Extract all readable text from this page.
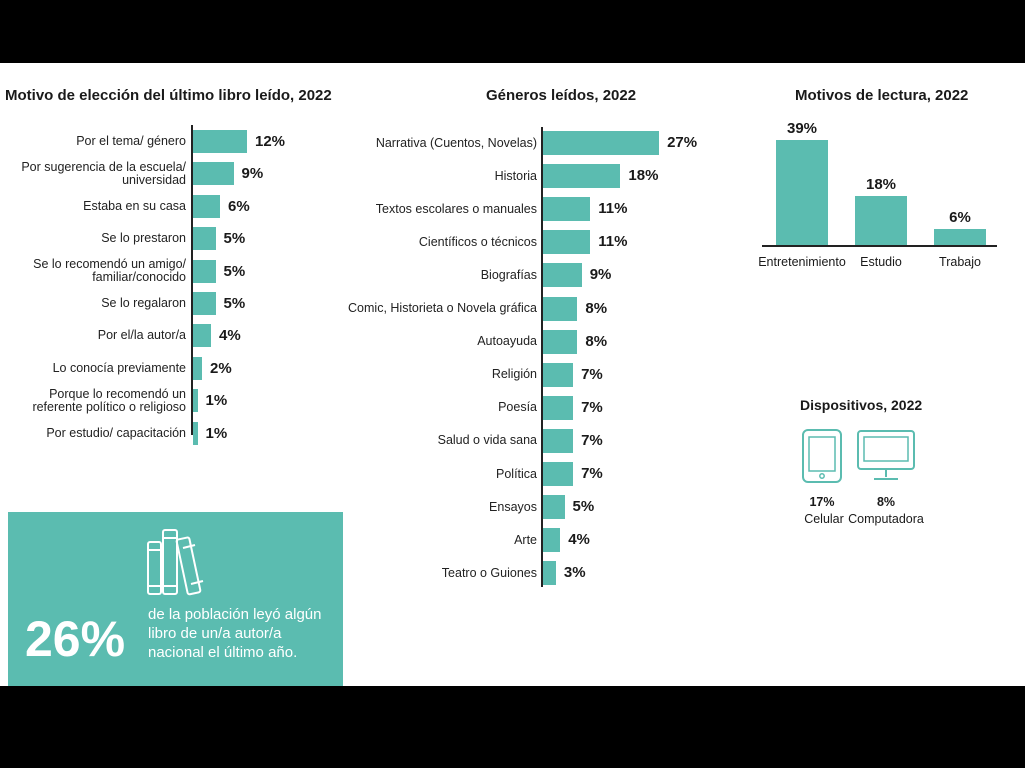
Motivo de elección del último libro leído, 2022
12%
Por el tema/ género
9%
Por sugerencia de la escuela/ universidad
6%
Estaba en su casa
5%
Se lo prestaron
5%
Se lo recomendó un amigo/ familiar/conocido
5%
Se lo regalaron
4%
Por el/la autor/a
2%
Lo conocía previamente
1%
Porque lo recomendó un referente político o religioso
1%
Por estudio/ capacitación
Géneros leídos, 2022
27%
Narrativa (Cuentos, Novelas)
18%
Historia
11%
Textos escolares o manuales
11%
Científicos o técnicos
9%
Biografías
8%
Comic, Historieta o Novela gráfica
8%
Autoayuda
7%
Religión
7%
Poesía
7%
Salud o vida sana
7%
Política
5%
Ensayos
4%
Arte
3%
Teatro o Guiones
Motivos de lectura, 2022
39%
Entretenimiento
18%
Estudio
6%
Trabajo
Dispositivos, 2022
17%
Celular
8%
Computadora
26% de la población leyó algún libro de un/a autor/a nacional el último año.
